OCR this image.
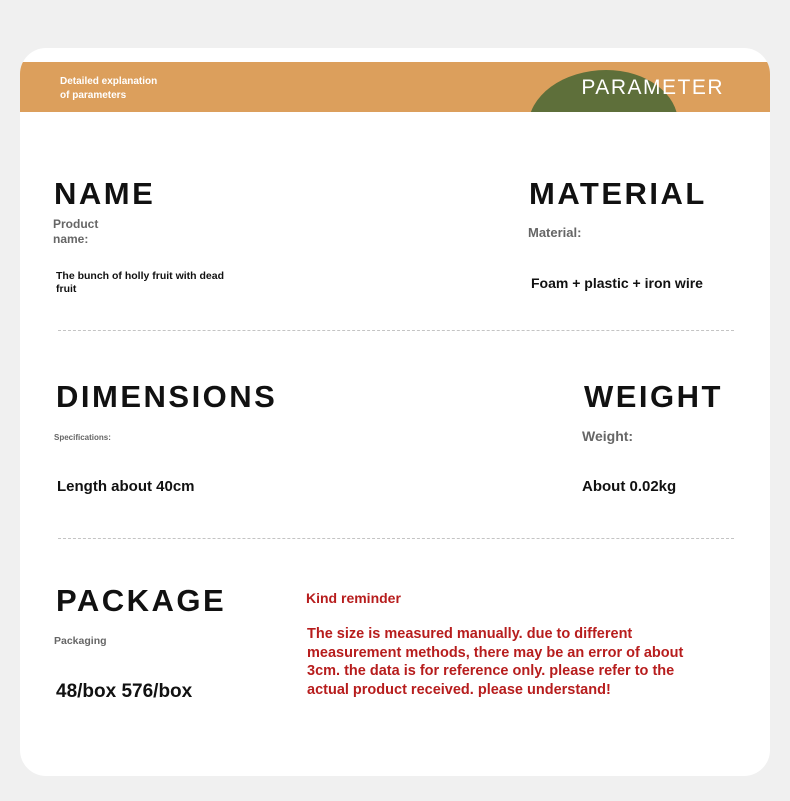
Detailed explanation
of parameters	PARAMETER
NAME
Product
name:
The bunch of holly fruit with dead
fruit
MATERIAL
Material:
Foam + plastic + iron wire
DIMENSIONS
Specifications:
Length about 40cm
WEIGHT
Weight:
About 0.02kg
PACKAGE
Packaging
48/box 576/box
Kind reminder
The size is measured manually. due to different
measurement methods, there may be an error of about
3cm. the data is for reference only. please refer to the
actual product received. please understand!
